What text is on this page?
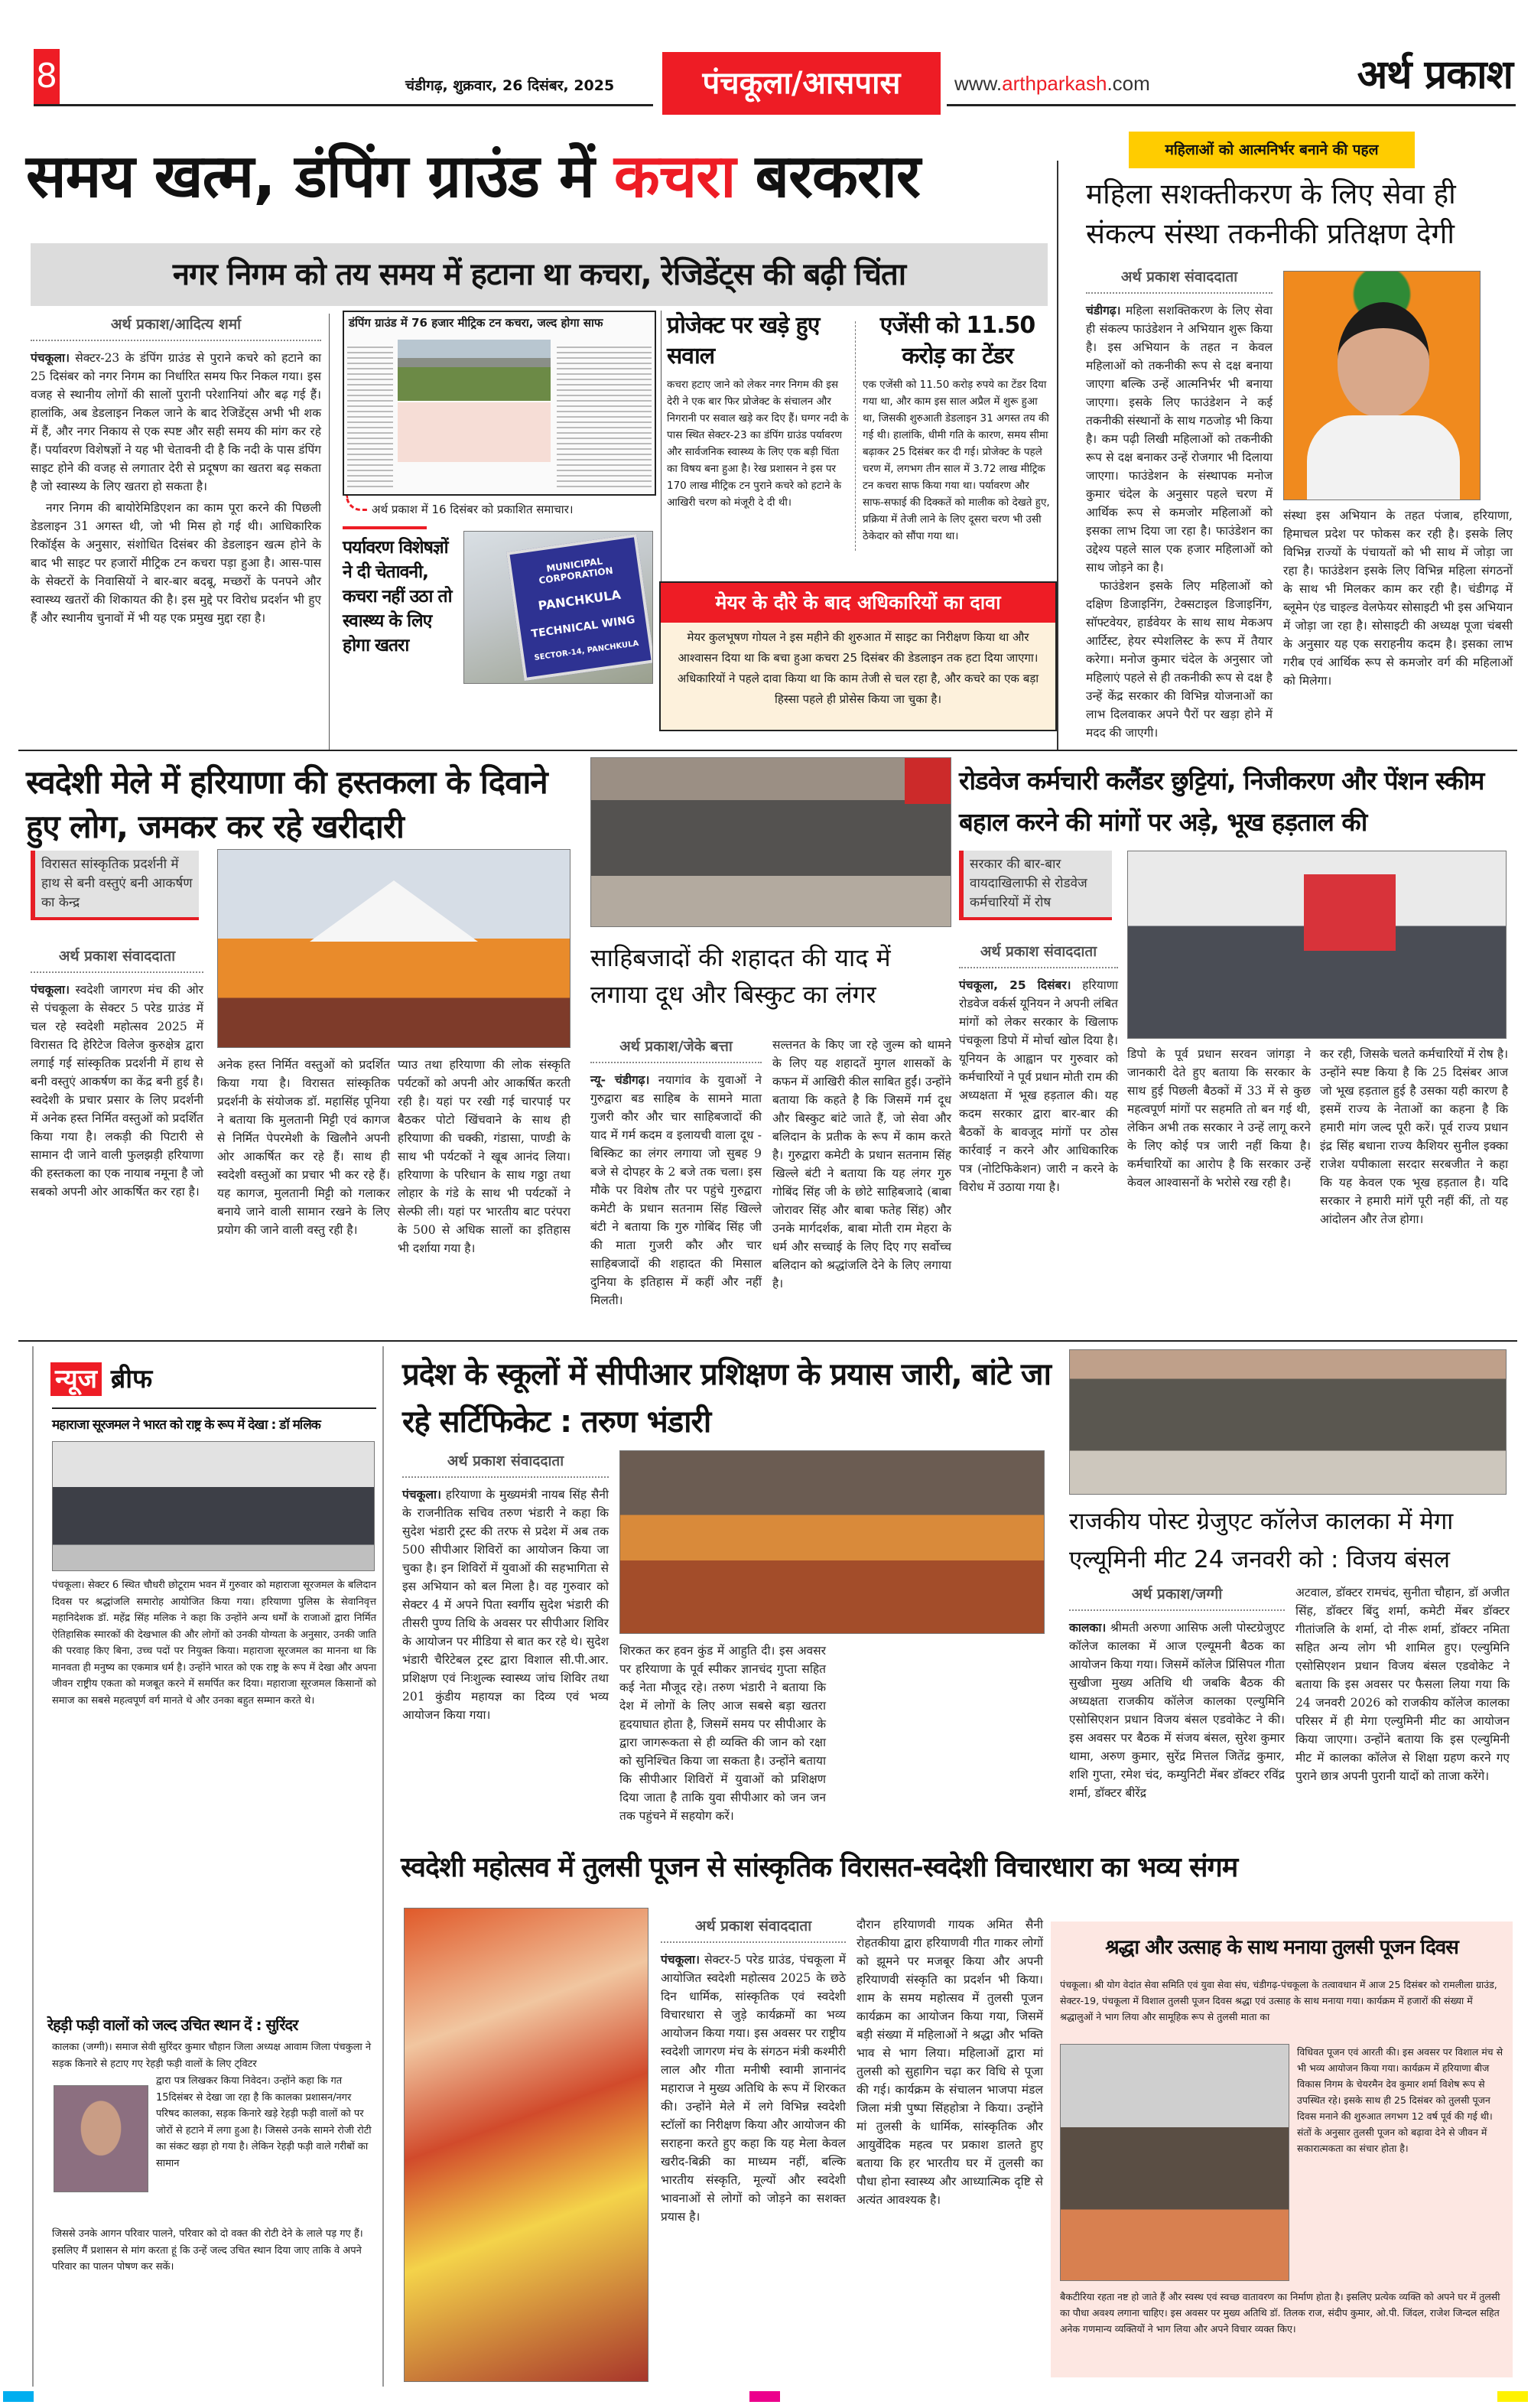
8	चंडीगढ़, शुक्रवार, 26 दिसंबर, 2025	पंचकूला/आसपास	www.arthparkash.com	अर्थ प्रकाश
समय खत्म, डंपिंग ग्राउंड में कचरा बरकरार
नगर निगम को तय समय में हटाना था कचरा, रेजिडेंट्स की बढ़ी चिंता
अर्थ प्रकाश/आदित्य शर्मा

पंचकूला। सेक्टर-23 के डंपिंग ग्राउंड से पुराने कचरे को हटाने का 25 दिसंबर को नगर निगम का निर्धारित समय फिर निकल गया। इस वजह से स्थानीय लोगों की सालों पुरानी परेशानियां और बढ़ गई हैं। हालांकि, अब डेडलाइन निकल जाने के बाद रेजिडेंट्स अभी भी शक में हैं, और नगर निकाय से एक स्पष्ट और सही समय की मांग कर रहे हैं। पर्यावरण विशेषज्ञों ने यह भी चेतावनी दी है कि नदी के पास डंपिंग साइट होने की वजह से लगातार देरी से प्रदूषण का खतरा बढ़ सकता है जो स्वास्थ्य के लिए खतरा हो सकता है।

नगर निगम की बायोरेमिडिएशन का काम पूरा करने की पिछली डेडलाइन 31 अगस्त थी, जो भी मिस हो गई थी। आधिकारिक रिकॉर्ड्स के अनुसार, संशोधित दिसंबर की डेडलाइन खत्म होने के बाद भी साइट पर हजारों मीट्रिक टन कचरा पड़ा हुआ है। आस-पास के सेक्टरों के निवासियों ने बार-बार बदबू, मच्छरों के पनपने और स्वास्थ्य खतरों की शिकायत की है। इस मुद्दे पर विरोध प्रदर्शन भी हुए हैं और स्थानीय चुनावों में भी यह एक प्रमुख मुद्दा रहा है।

डंपिंग ग्राउंड में 76 हजार मीट्रिक टन कचरा, जल्द होगा साफ
अर्थ प्रकाश में 16 दिसंबर को प्रकाशित समाचार।
पर्यावरण विशेषज्ञों ने दी चेतावनी, कचरा नहीं उठा तो स्वास्थ्य के लिए होगा खतरा
MUNICIPAL CORPORATION
PANCHKULA
TECHNICAL WING
SECTOR-14, PANCHKULA
प्रोजेक्ट पर खड़े हुए सवाल

कचरा हटाए जाने को लेकर नगर निगम की इस देरी ने एक बार फिर प्रोजेक्ट के संचालन और निगरानी पर सवाल खड़े कर दिए हैं। घग्गर नदी के पास स्थित सेक्टर-23 का डंपिंग ग्राउंड पर्यावरण और सार्वजनिक स्वास्थ्य के लिए एक बड़ी चिंता का विषय बना हुआ है। रेख प्रशासन ने इस पर 170 लाख मीट्रिक टन पुराने कचरे को हटाने के आखिरी चरण को मंजूरी दे दी थी।

एजेंसी को 11.50 करोड़ का टेंडर

एक एजेंसी को 11.50 करोड़ रुपये का टेंडर दिया गया था, और काम इस साल अप्रैल में शुरू हुआ था, जिसकी शुरुआती डेडलाइन 31 अगस्त तय की गई थी। हालांकि, धीमी गति के कारण, समय सीमा बढ़ाकर 25 दिसंबर कर दी गई। प्रोजेक्ट के पहले चरण में, लगभग तीन साल में 3.72 लाख मीट्रिक टन कचरा साफ किया गया था। पर्यावरण और साफ-सफाई की दिक्कतें को मालीक को देखते हुए, प्रक्रिया में तेजी लाने के लिए दूसरा चरण भी उसी ठेकेदार को सौंपा गया था।

मेयर के दौरे के बाद अधिकारियों का दावा

मेयर कुलभूषण गोयल ने इस महीने की शुरुआत में साइट का निरीक्षण किया था और आश्वासन दिया था कि बचा हुआ कचरा 25 दिसंबर की डेडलाइन तक हटा दिया जाएगा। अधिकारियों ने पहले दावा किया था कि काम तेजी से चल रहा है, और कचरे का एक बड़ा हिस्सा पहले ही प्रोसेस किया जा चुका है।

महिलाओं को आत्मनिर्भर बनाने की पहल
महिला सशक्तीकरण के लिए सेवा ही संकल्प संस्था तकनीकी प्रतिक्षण देगी
अर्थ प्रकाश संवाददाता

चंडीगढ़। महिला सशक्तिकरण के लिए सेवा ही संकल्प फाउंडेशन ने अभियान शुरू किया है। इस अभियान के तहत न केवल महिलाओं को तकनीकी रूप से दक्ष बनाया जाएगा बल्कि उन्हें आत्मनिर्भर भी बनाया जाएगा। इसके लिए फाउंडेशन ने कई तकनीकी संस्थानों के साथ गठजोड़ भी किया है। कम पढ़ी लिखी महिलाओं को तकनीकी रूप से दक्ष बनाकर उन्हें रोजगार भी दिलाया जाएगा। फाउंडेशन के संस्थापक मनोज कुमार चंदेल के अनुसार पहले चरण में आर्थिक रूप से कमजोर महिलाओं को इसका लाभ दिया जा रहा है। फाउंडेशन का उद्देश्य पहले साल एक हजार महिलाओं को साथ जोड़ने का है।

फाउंडेशन इसके लिए महिलाओं को दक्षिण डिजाइनिंग, टेक्सटाइल डिजाइनिंग, सॉफ्टवेयर, हार्डवेयर के साथ साथ मेकअप आर्टिस्ट, हेयर स्पेशलिस्ट के रूप में तैयार करेगा। मनोज कुमार चंदेल के अनुसार जो महिलाएं पहले से ही तकनीकी रूप से दक्ष है उन्हें केंद्र सरकार की विभिन्न योजनाओं का लाभ दिलवाकर अपने पैरों पर खड़ा होने में मदद की जाएगी।

संस्था इस अभियान के तहत पंजाब, हरियाणा, हिमाचल प्रदेश पर फोकस कर रही है। इसके लिए विभिन्न राज्यों के पंचायतों को भी साथ में जोड़ा जा रहा है। फाउंडेशन इसके लिए विभिन्न महिला संगठनों के साथ भी मिलकर काम कर रही है। चंडीगढ़ में ब्लूमेन एंड चाइल्ड वेलफेयर सोसाइटी भी इस अभियान में जोड़ा जा रहा है। सोसाइटी की अध्यक्ष पूजा चंबसी के अनुसार यह एक सराहनीय कदम है। इसका लाभ गरीब एवं आर्थिक रूप से कमजोर वर्ग की महिलाओं को मिलेगा।

स्वदेशी मेले में हरियाणा की हस्तकला के दिवाने हुए लोग, जमकर कर रहे खरीदारी
विरासत सांस्कृतिक प्रदर्शनी में हाथ से बनी वस्तुएं बनी आकर्षण का केन्द्र
अर्थ प्रकाश संवाददाता

पंचकूला। स्वदेशी जागरण मंच की ओर से पंचकूला के सेक्टर 5 परेड ग्राउंड में चल रहे स्वदेशी महोत्सव 2025 में विरासत दि हेरिटेज विलेज कुरुक्षेत्र द्वारा लगाई गई सांस्कृतिक प्रदर्शनी में हाथ से बनी वस्तुएं आकर्षण का केंद्र बनी हुई है। स्वदेशी के प्रचार प्रसार के लिए प्रदर्शनी में अनेक हस्त निर्मित वस्तुओं को प्रदर्शित किया गया है। लकड़ी की पिटारी से सामान दी जाने वाली फुलझड़ी हरियाणा की हस्तकला का एक नायाब नमूना है जो सबको अपनी ओर आकर्षित कर रहा है।

अनेक हस्त निर्मित वस्तुओं को प्रदर्शित किया गया है। विरासत सांस्कृतिक प्रदर्शनी के संयोजक डॉ. महासिंह पूनिया ने बताया कि मुलतानी मिट्टी एवं कागज से निर्मित पेपरमेशी के खिलौने अपनी ओर आकर्षित कर रहे हैं। साथ ही स्वदेशी वस्तुओं का प्रचार भी कर रहे हैं। यह कागज, मुलतानी मिट्टी को गलाकर बनाये जाने वाली सामान रखने के लिए प्रयोग की जाने वाली वस्तु रही है।

प्याउ तथा हरियाणा की लोक संस्कृति पर्यटकों को अपनी ओर आकर्षित करती रही है। यहां पर रखी गई चारपाई पर बैठकर पोटो खिंचवाने के साथ ही हरियाणा की चक्की, गंडासा, पाण्डी के साथ भी पर्यटकों ने खूब आनंद लिया। हरियाणा के परिधान के साथ गठ्ठा तथा लोहार के गंडे के साथ भी पर्यटकों ने सेल्फी ली। यहां पर भारतीय बाट परंपरा के 500 से अधिक सालों का इतिहास भी दर्शाया गया है।

साहिबजादों की शहादत की याद में लगाया दूध और बिस्कुट का लंगर
अर्थ प्रकाश/जेके बत्ता

न्यू- चंडीगढ़। नयागांव के युवाओं ने गुरुद्वारा बड साहिब के सामने माता गुजरी कौर और चार साहिबजादों की याद में गर्म कदम व इलायची वाला दूध - बिस्किट का लंगर लगाया जो सुबह 9 बजे से दोपहर के 2 बजे तक चला। इस मौके पर विशेष तौर पर पहुंचे गुरुद्वारा कमेटी के प्रधान सतनाम सिंह खिल्ले बंटी ने बताया कि गुरु गोबिंद सिंह जी की माता गुजरी कौर और चार साहिबजादों की शहादत की मिसाल दुनिया के इतिहास में कहीं और नहीं मिलती।

सल्तनत के किए जा रहे जुल्म को थामने के लिए यह शहादतें मुगल शासकों के कफन में आखिरी कील साबित हुईं। उन्होंने बताया कि कहते है कि जिसमें गर्म दूध और बिस्कुट बांटे जाते हैं, जो सेवा और बलिदान के प्रतीक के रूप में काम करते है। गुरुद्वारा कमेटी के प्रधान सतनाम सिंह खिल्ले बंटी ने बताया कि यह लंगर गुरु गोबिंद सिंह जी के छोटे साहिबजादे (बाबा जोरावर सिंह और बाबा फतेह सिंह) और उनके मार्गदर्शक, बाबा मोती राम मेहरा के धर्म और सच्चाई के लिए दिए गए सर्वोच्च बलिदान को श्रद्धांजलि देने के लिए लगाया है।

रोडवेज कर्मचारी कलैंडर छुट्टियां, निजीकरण और पेंशन स्कीम बहाल करने की मांगों पर अड़े, भूख हड़ताल की
सरकार की बार-बार वायदाखिलाफी से रोडवेज कर्मचारियों में रोष
अर्थ प्रकाश संवाददाता

पंचकूला, 25 दिसंबर। हरियाणा रोडवेज वर्कर्स यूनियन ने अपनी लंबित मांगों को लेकर सरकार के खिलाफ पंचकूला डिपो में मोर्चा खोल दिया है। यूनियन के आह्वान पर गुरुवार को कर्मचारियों ने पूर्व प्रधान मोती राम की अध्यक्षता में भूख हड़ताल की। यह कदम सरकार द्वारा बार-बार की बैठकों के बावजूद मांगों पर ठोस कार्रवाई न करने और आधिकारिक पत्र (नोटिफिकेशन) जारी न करने के विरोध में उठाया गया है।

डिपो के पूर्व प्रधान सरवन जांगड़ा ने जानकारी देते हुए बताया कि सरकार के साथ हुई पिछली बैठकों में 33 में से कुछ महत्वपूर्ण मांगों पर सहमति तो बन गई थी, लेकिन अभी तक सरकार ने उन्हें लागू करने के लिए कोई पत्र जारी नहीं किया है। कर्मचारियों का आरोप है कि सरकार उन्हें केवल आश्वासनों के भरोसे रख रही है।

कर रही, जिसके चलते कर्मचारियों में रोष है। उन्होंने स्पष्ट किया है कि 25 दिसंबर आज जो भूख हड़ताल हुई है उसका यही कारण है इसमें राज्य के नेताओं का कहना है कि हमारी मांग जल्द पूरी करें। पूर्व राज्य प्रधान इंद्र सिंह बधाना राज्य कैशियर सुनील इक्का राजेश यपीकाला सरदार सरबजीत ने कहा कि यह केवल एक भूख हड़ताल है। यदि सरकार ने हमारी मांगें पूरी नहीं कीं, तो यह आंदोलन और तेज होगा।

न्यूज ब्रीफ
महाराजा सूरजमल ने भारत को राष्ट्र के रूप में देखा : डॉ मलिक

पंचकूला। सेक्टर 6 स्थित चौधरी छोटूराम भवन में गुरुवार को महाराजा सूरजमल के बलिदान दिवस पर श्रद्धांजलि समारोह आयोजित किया गया। हरियाणा पुलिस के सेवानिवृत्त महानिदेशक डॉ. महेंद्र सिंह मलिक ने कहा कि उन्होंने अन्य धर्मों के राजाओं द्वारा निर्मित ऐतिहासिक स्मारकों की देखभाल की और लोगों को उनकी योग्यता के अनुसार, उनकी जाति की परवाह किए बिना, उच्च पदों पर नियुक्त किया। महाराजा सूरजमल का मानना था कि मानवता ही मनुष्य का एकमात्र धर्म है। उन्होंने भारत को एक राष्ट्र के रूप में देखा और अपना जीवन राष्ट्रीय एकता को मजबूत करने में समर्पित कर दिया। महाराजा सूरजमल किसानों को समाज का सबसे महत्वपूर्ण वर्ग मानते थे और उनका बहुत सम्मान करते थे।

रेहड़ी फड़ी वालों को जल्द उचित स्थान दें : सुरिंदर

कालका (जग्गी)। समाज सेवी सुरिंदर कुमार चौहान जिला अध्यक्ष आवाम जिला पंचकुला ने सड़क किनारे से हटाए गए रेहड़ी फड़ी वालों के लिए ट्विटर

द्वारा पत्र लिखकर किया निवेदन। उन्होंने कहा कि गत 15दिसंबर से देखा जा रहा है कि कालका प्रशासन/नगर परिषद कालका, सड़क किनारे खड़े रेहड़ी फड़ी वालों को पर जोरों से हटाने में लगा हुआ है। जिससे उनके सामने रोजी रोटी का संकट खड़ा हो गया है। लेकिन रेहड़ी फड़ी वाले गरीबों का सामान

जिससे उनके आगन परिवार पालने, परिवार को दो वक्त की रोटी देने के लाले पड़ गए हैं। इसलिए मैं प्रशासन से मांग करता हूं कि उन्हें जल्द उचित स्थान दिया जाए ताकि वे अपने परिवार का पालन पोषण कर सकें।

प्रदेश के स्कूलों में सीपीआर प्रशिक्षण के प्रयास जारी, बांटे जा रहे सर्टिफिकेट : तरुण भंडारी
अर्थ प्रकाश संवाददाता

पंचकूला। हरियाणा के मुख्यमंत्री नायब सिंह सैनी के राजनीतिक सचिव तरुण भंडारी ने कहा कि सुदेश भंडारी ट्रस्ट की तरफ से प्रदेश में अब तक 500 सीपीआर शिविरों का आयोजन किया जा चुका है। इन शिविरों में युवाओं की सहभागिता से इस अभियान को बल मिला है। वह गुरुवार को सेक्टर 4 में अपने पिता स्वर्गीय सुदेश भंडारी की तीसरी पुण्य तिथि के अवसर पर सीपीआर शिविर के आयोजन पर मीडिया से बात कर रहे थे। सुदेश भंडारी चैरिटेबल ट्रस्ट द्वारा विशाल सी.पी.आर. प्रशिक्षण एवं निःशुल्क स्वास्थ्य जांच शिविर तथा 201 कुंडीय महायज्ञ का दिव्य एवं भव्य आयोजन किया गया।

शिरकत कर हवन कुंड में आहुति दी। इस अवसर पर हरियाणा के पूर्व स्पीकर ज्ञानचंद गुप्ता सहित कई नेता मौजूद रहे। तरुण भंडारी ने बताया कि देश में लोगों के लिए आज सबसे बड़ा खतरा हृदयाघात होता है, जिसमें समय पर सीपीआर के द्वारा जागरूकता से ही व्यक्ति की जान को रक्षा को सुनिश्चित किया जा सकता है। उन्होंने बताया कि सीपीआर शिविरों में युवाओं को प्रशिक्षण दिया जाता है ताकि युवा सीपीआर को जन जन तक पहुंचने में सहयोग करें।

राजकीय पोस्ट ग्रेजुएट कॉलेज कालका में मेगा एल्यूमिनी मीट 24 जनवरी को : विजय बंसल
अर्थ प्रकाश/जग्गी

कालका। श्रीमती अरुणा आसिफ अली पोस्टग्रेजुएट कॉलेज कालका में आज एल्यूमनी बैठक का आयोजन किया गया। जिसमें कॉलेज प्रिंसिपल गीता सुखीजा मुख्य अतिथि थी जबकि बैठक की अध्यक्षता राजकीय कॉलेज कालका एल्युमिनि एसोसिएशन प्रधान विजय बंसल एडवोकेट ने की। इस अवसर पर बैठक में संजय बंसल, सुरेश कुमार थामा, अरुण कुमार, सुरेंद्र मित्तल जितेंद्र कुमार, शशि गुप्ता, रमेश चंद, कम्युनिटी मेंबर डॉक्टर रविंद्र शर्मा, डॉक्टर बीरेंद्र

अटवाल, डॉक्टर रामचंद, सुनीता चौहान, डॉ अजीत सिंह, डॉक्टर बिंदु शर्मा, कमेटी मेंबर डॉक्टर गीतांजलि के शर्मा, दो नीरू शर्मा, डॉक्टर नमिता सहित अन्य लोग भी शामिल हुए। एल्युमिनि एसोसिएशन प्रधान विजय बंसल एडवोकेट ने बताया कि इस अवसर पर फैसला लिया गया कि 24 जनवरी 2026 को राजकीय कॉलेज कालका परिसर में ही मेगा एल्युमिनी मीट का आयोजन किया जाएगा। उन्होंने बताया कि इस एल्युमिनी मीट में कालका कॉलेज से शिक्षा ग्रहण करने गए पुराने छात्र अपनी पुरानी यादों को ताजा करेंगे।

स्वदेशी महोत्सव में तुलसी पूजन से सांस्कृतिक विरासत-स्वदेशी विचारधारा का भव्य संगम
अर्थ प्रकाश संवाददाता

पंचकूला। सेक्टर-5 परेड ग्राउंड, पंचकूला में आयोजित स्वदेशी महोत्सव 2025 के छठे दिन धार्मिक, सांस्कृतिक एवं स्वदेशी विचारधारा से जुड़े कार्यक्रमों का भव्य आयोजन किया गया। इस अवसर पर राष्ट्रीय स्वदेशी जागरण मंच के संगठन मंत्री कश्मीरी लाल और गीता मनीषी स्वामी ज्ञानानंद महाराज ने मुख्य अतिथि के रूप में शिरकत की। उन्होंने मेले में लगे विभिन्न स्वदेशी स्टॉलों का निरीक्षण किया और आयोजन की सराहना करते हुए कहा कि यह मेला केवल खरीद-बिक्री का माध्यम नहीं, बल्कि भारतीय संस्कृति, मूल्यों और स्वदेशी भावनाओं से लोगों को जोड़ने का सशक्त प्रयास है।

दौरान हरियाणवी गायक अमित सैनी रोहतकीया द्वारा हरियाणवी गीत गाकर लोगों को झूमने पर मजबूर किया और अपनी हरियाणवी संस्कृति का प्रदर्शन भी किया। शाम के समय महोत्सव में तुलसी पूजन कार्यक्रम का आयोजन किया गया, जिसमें बड़ी संख्या में महिलाओं ने श्रद्धा और भक्ति भाव से भाग लिया। महिलाओं द्वारा मां तुलसी को सुहागिन चढ़ा कर विधि से पूजा की गई। कार्यक्रम के संचालन भाजपा मंडल जिला मंत्री पुष्पा सिंहहोत्रा ने किया। उन्होंने मां तुलसी के धार्मिक, सांस्कृतिक और आयुर्वेदिक महत्व पर प्रकाश डालते हुए बताया कि हर भारतीय घर में तुलसी का पौधा होना स्वास्थ्य और आध्यात्मिक दृष्टि से अत्यंत आवश्यक है।

श्रद्धा और उत्साह के साथ मनाया तुलसी पूजन दिवस

पंचकूला। श्री योग वेदांत सेवा समिति एवं युवा सेवा संघ, चंडीगढ़-पंचकूला के तत्वावधान में आज 25 दिसंबर को रामलीला ग्राउंड, सेक्टर-19, पंचकूला में विशाल तुलसी पूजन दिवस श्रद्धा एवं उत्साह के साथ मनाया गया। कार्यक्रम में हजारों की संख्या में श्रद्धालुओं ने भाग लिया और सामूहिक रूप से तुलसी माता का

विधिवत पूजन एवं आरती की। इस अवसर पर विशाल मंच से भी भव्य आयोजन किया गया। कार्यक्रम में हरियाणा बीज विकास निगम के चेयरमैन देव कुमार शर्मा विशेष रूप से उपस्थित रहे। इसके साथ ही 25 दिसंबर को तुलसी पूजन दिवस मनाने की शुरुआत लगभग 12 वर्ष पूर्व की गई थी। संतों के अनुसार तुलसी पूजन को बढ़ावा देने से जीवन में सकारात्मकता का संचार होता है।

बैकटीरिया रहता नष्ट हो जाते हैं और स्वस्थ एवं स्वच्छ वातावरण का निर्माण होता है। इसलिए प्रत्येक व्यक्ति को अपने घर में तुलसी का पौधा अवश्य लगाना चाहिए। इस अवसर पर मुख्य अतिथि डॉ. तिलक राज, संदीप कुमार, ओ.पी. जिंदल, राजेश जिन्दल सहित अनेक गणमान्य व्यक्तियों ने भाग लिया और अपने विचार व्यक्त किए।
